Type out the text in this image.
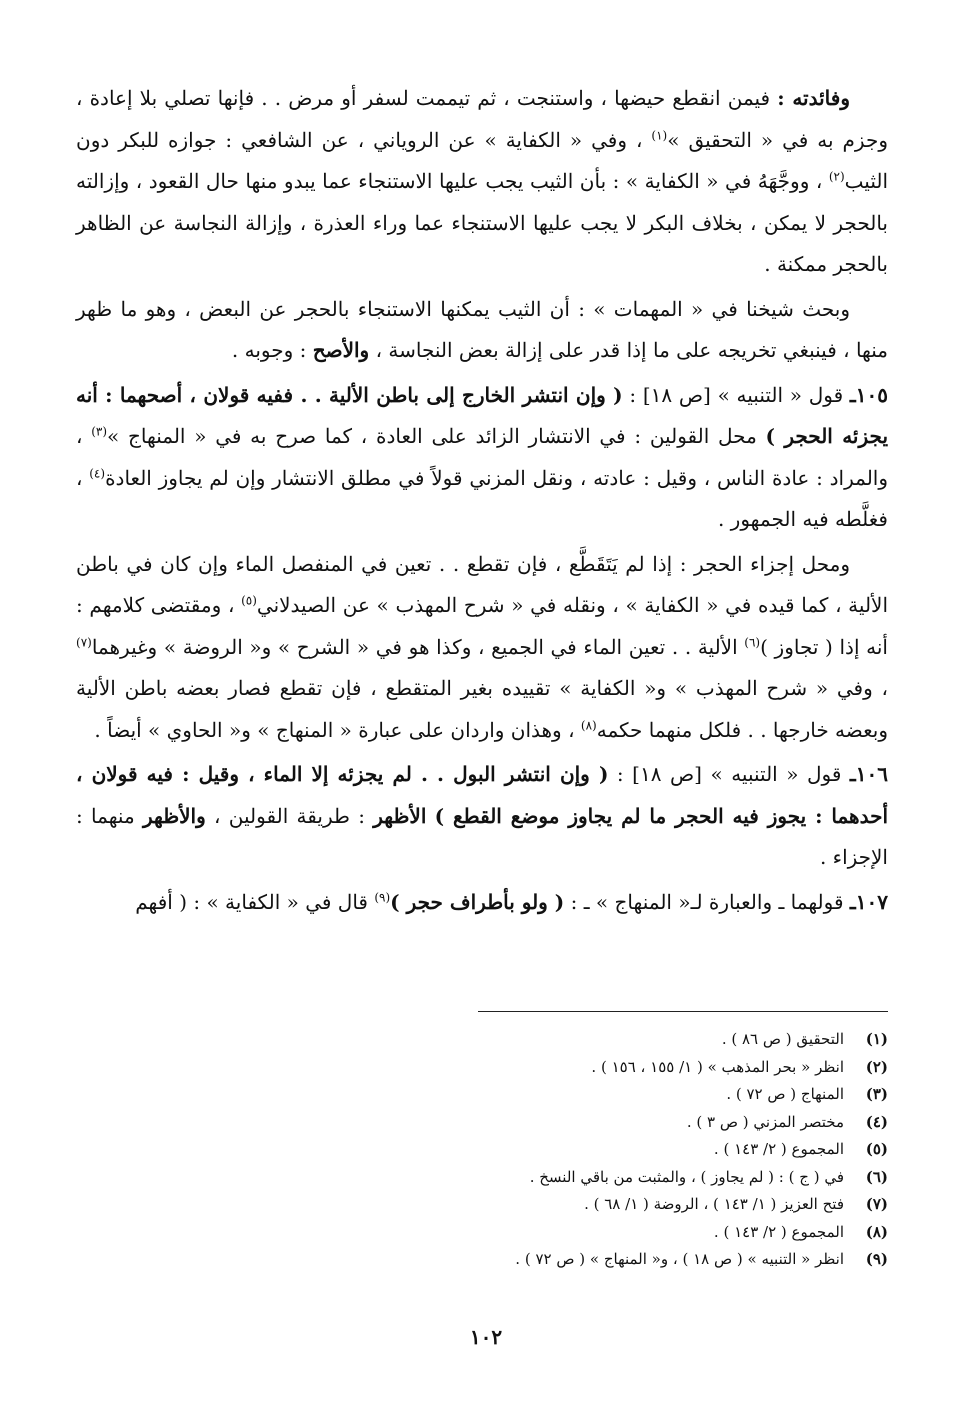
وفائدته : فيمن انقطع حيضها ، واستنجت ، ثم تيممت لسفر أو مرض . . فإنها تصلي بلا إعادة ، وجزم به في « التحقيق »$^{(١)}$ ، وفي « الكفاية » عن الروياني ، عن الشافعي : جوازه للبكر دون الثيب$^{(٢)}$ ، ووجَّهَهُ في « الكفاية » : بأن الثيب يجب عليها الاستنجاء عما يبدو منها حال القعود ، وإزالته بالحجر لا يمكن ، بخلاف البكر لا يجب عليها الاستنجاء عما وراء العذرة ، وإزالة النجاسة عن الظاهر بالحجر ممكنة .

وبحث شيخنا في « المهمات » : أن الثيب يمكنها الاستنجاء بالحجر عن البعض ، وهو ما ظهر منها ، فينبغي تخريجه على ما إذا قدر على إزالة بعض النجاسة ، والأصح : وجوبه .

١٠٥ـ قول « التنبيه » [ص ١٨] : ( وإن انتشر الخارج إلى باطن الألية . . ففيه قولان ، أصحهما : أنه يجزئه الحجر ) محل القولين : في الانتشار الزائد على العادة ، كما صرح به في « المنهاج »$^{(٣)}$ ، والمراد : عادة الناس ، وقيل : عادته ، ونقل المزني قولاً في مطلق الانتشار وإن لم يجاوز العادة$^{(٤)}$ ، فغلَّطه فيه الجمهور .

ومحل إجزاء الحجر : إذا لم يَتَقَطَّع ، فإن تقطع . . تعين في المنفصل الماء وإن كان في باطن الألية ، كما قيده في « الكفاية » ، ونقله في « شرح المهذب » عن الصيدلاني$^{(٥)}$ ، ومقتضى كلامهم : أنه إذا ( تجاوز )$^{(٦)}$ الألية . . تعين الماء في الجميع ، وكذا هو في « الشرح » و« الروضة » وغيرهما$^{(٧)}$ ، وفي « شرح المهذب » و« الكفاية » تقييده بغير المتقطع ، فإن تقطع فصار بعضه باطن الألية وبعضه خارجها . . فلكل منهما حكمه$^{(٨)}$ ، وهذان واردان على عبارة « المنهاج » و« الحاوي » أيضاً .

١٠٦ـ قول « التنبيه » [ص ١٨] : ( وإن انتشر البول . . لم يجزئه إلا الماء ، وقيل : فيه قولان ، أحدهما : يجوز فيه الحجر ما لم يجاوز موضع القطع ) الأظهر : طريقة القولين ، والأظهر منهما : الإجزاء .

١٠٧ـ قولهما ـ والعبارة لـ« المنهاج » ـ : ( ولو بأطراف حجر )$^{(٩)}$ قال في « الكفاية » : ( أفهم

(١)
التحقيق ( ص ٨٦ ) .
(٢)
انظر « بحر المذهب » ( ١/ ١٥٥ ، ١٥٦ ) .
(٣)
المنهاج ( ص ٧٢ ) .
(٤)
مختصر المزني ( ص ٣ ) .
(٥)
المجموع ( ٢/ ١٤٣ ) .
(٦)
في ( ج ) : ( لم يجاوز ) ، والمثبت من باقي النسخ .
(٧)
فتح العزيز ( ١/ ١٤٣ ) ، الروضة ( ١/ ٦٨ ) .
(٨)
المجموع ( ٢/ ١٤٣ ) .
(٩)
انظر « التنبيه » ( ص ١٨ ) ، و« المنهاج » ( ص ٧٢ ) .
١٠٢
